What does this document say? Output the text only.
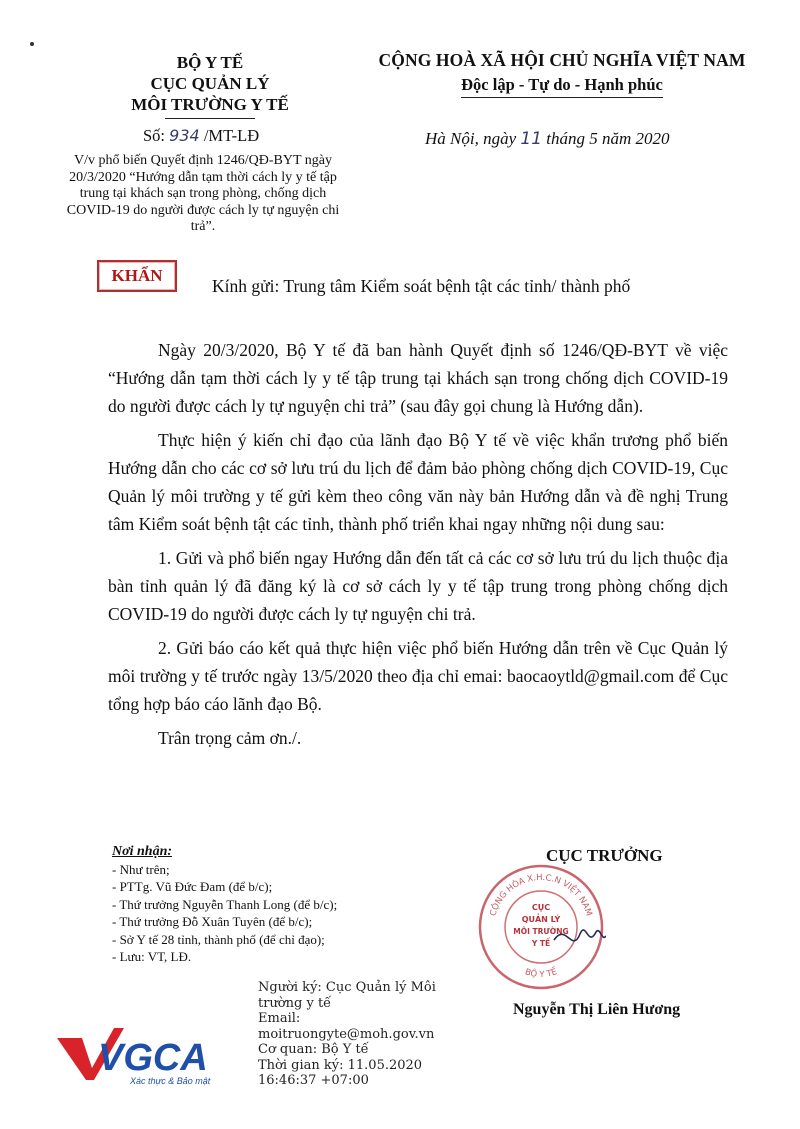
BỘ Y TẾ
CỤC QUẢN LÝ
MÔI TRƯỜNG Y TẾ
Số: 934 /MT-LĐ
V/v phổ biến Quyết định 1246/QĐ-BYT ngày 20/3/2020 “Hướng dẫn tạm thời cách ly y tế tập trung tại khách sạn trong phòng, chống dịch COVID-19 do người được cách ly tự nguyện chi trả”.
CỘNG HOÀ XÃ HỘI CHỦ NGHĨA VIỆT NAM
Độc lập - Tự do - Hạnh phúc
Hà Nội, ngày 11 tháng 5 năm 2020
KHẨN
Kính gửi: Trung tâm Kiểm soát bệnh tật các tỉnh/ thành phố

Ngày 20/3/2020, Bộ Y tế đã ban hành Quyết định số 1246/QĐ-BYT về việc “Hướng dẫn tạm thời cách ly y tế tập trung tại khách sạn trong chống dịch COVID-19 do người được cách ly tự nguyện chi trả” (sau đây gọi chung là Hướng dẫn).

Thực hiện ý kiến chỉ đạo của lãnh đạo Bộ Y tế về việc khẩn trương phổ biến Hướng dẫn cho các cơ sở lưu trú du lịch để đảm bảo phòng chống dịch COVID-19, Cục Quản lý môi trường y tế gửi kèm theo công văn này bản Hướng dẫn và đề nghị Trung tâm Kiểm soát bệnh tật các tỉnh, thành phố triển khai ngay những nội dung sau:

1. Gửi và phổ biến ngay Hướng dẫn đến tất cả các cơ sở lưu trú du lịch thuộc địa bàn tỉnh quản lý đã đăng ký là cơ sở cách ly y tế tập trung trong phòng chống dịch COVID-19 do người được cách ly tự nguyện chi trả.

2. Gửi báo cáo kết quả thực hiện việc phổ biến Hướng dẫn trên về Cục Quản lý môi trường y tế trước ngày 13/5/2020 theo địa chỉ emai: baocaoytld@gmail.com để Cục tổng hợp báo cáo lãnh đạo Bộ.

Trân trọng cảm ơn./.

Nơi nhận:
- Như trên;
- PTTg. Vũ Đức Đam (để b/c);
- Thứ trưởng Nguyễn Thanh Long (để b/c);
- Thứ trưởng Đỗ Xuân Tuyên (để b/c);
- Sở Y tế 28 tỉnh, thành phố (để chỉ đạo);
- Lưu: VT, LĐ.
CỤC TRƯỞNG
CỘNG HÒA X.H.C.N VIỆT NAM
BỘ Y TẾ
CỤC
QUẢN LÝ
MÔI TRƯỜNG
Y TẾ
Nguyễn Thị Liên Hương
VGCA
Xác thực & Bảo mật
Người ký: Cục Quản lý Môi trường y tế
Email:
moitruongyte@moh.gov.vn
Cơ quan: Bộ Y tế
Thời gian ký: 11.05.2020
16:46:37 +07:00
